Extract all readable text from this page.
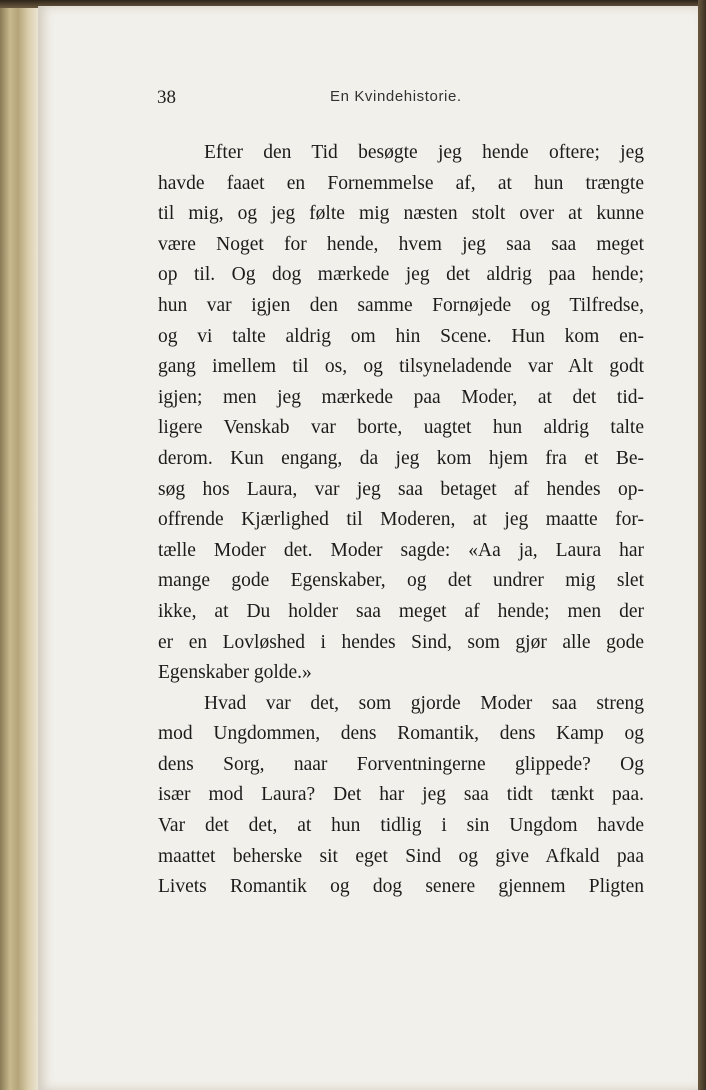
38	En Kvindehistorie.
Efter den Tid besøgte jeg hende oftere; jeg
havde faaet en Fornemmelse af, at hun trængte
til mig, og jeg følte mig næsten stolt over at kunne
være Noget for hende, hvem jeg saa saa meget
op til. Og dog mærkede jeg det aldrig paa hende;
hun var igjen den samme Fornøjede og Tilfredse,
og vi talte aldrig om hin Scene. Hun kom en-
gang imellem til os, og tilsyneladende var Alt godt
igjen; men jeg mærkede paa Moder, at det tid-
ligere Venskab var borte, uagtet hun aldrig talte
derom. Kun engang, da jeg kom hjem fra et Be-
søg hos Laura, var jeg saa betaget af hendes op-
offrende Kjærlighed til Moderen, at jeg maatte for-
tælle Moder det. Moder sagde: «Aa ja, Laura har
mange gode Egenskaber, og det undrer mig slet
ikke, at Du holder saa meget af hende; men der
er en Lovløshed i hendes Sind, som gjør alle gode
Egenskaber golde.»
Hvad var det, som gjorde Moder saa streng
mod Ungdommen, dens Romantik, dens Kamp og
dens Sorg, naar Forventningerne glippede? Og
især mod Laura? Det har jeg saa tidt tænkt paa.
Var det det, at hun tidlig i sin Ungdom havde
maattet beherske sit eget Sind og give Afkald paa
Livets Romantik og dog senere gjennem Pligten
